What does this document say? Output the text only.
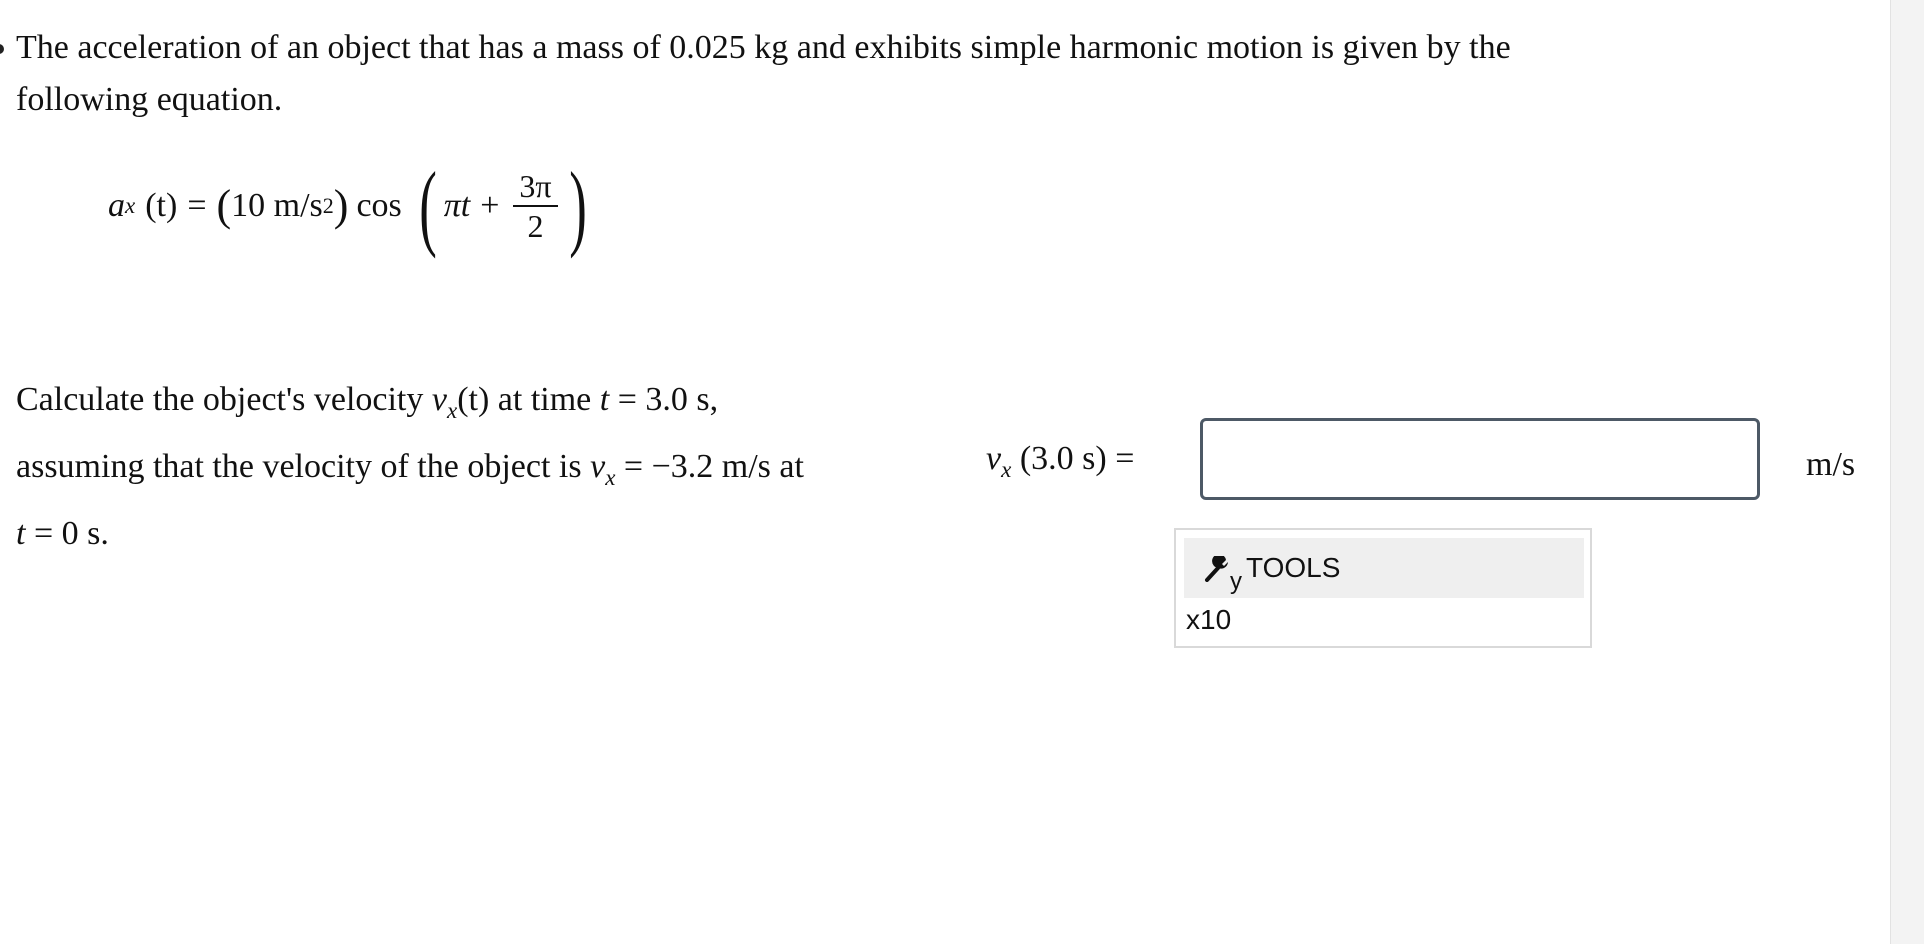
The acceleration of an object that has a mass of 0.025 kg and exhibits simple harmonic motion is given by the following equation.

a x (t) = ( 10 m/s 2 ) cos ( $\pi t + \frac{3\pi}{2}$ )

Calculate the object's velocity $v_x(t)$ at time t = 3.0 s,
assuming that the velocity of the object is $v_x = -3.2$ m/s at
t = 0 s.

$v_x$ (3.0 s) =	m/s
y TOOLS
x10
